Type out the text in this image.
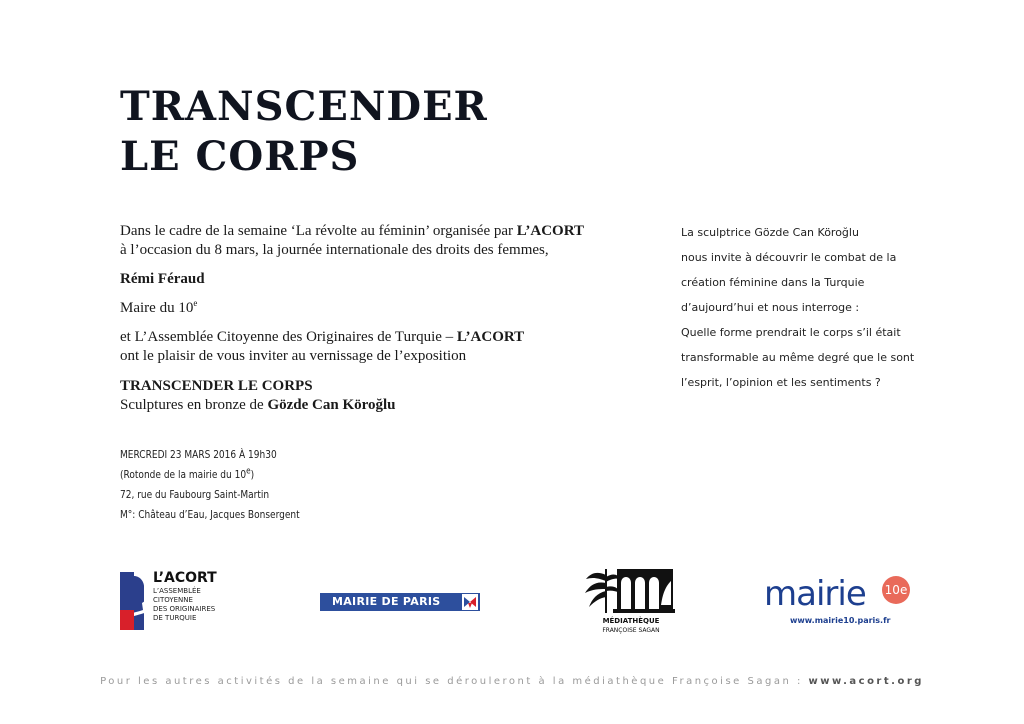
TRANSCENDER
LE CORPS

Dans le cadre de la semaine ‘La révolte au féminin’ organisée par L’ACORT

à l’occasion du 8 mars, la journée internationale des droits des femmes,

Rémi Féraud

Maire du 10e

et L’Assemblée Citoyenne des Originaires de Turquie – L’ACORT

ont le plaisir de vous inviter au vernissage de l’exposition

TRANSCENDER LE CORPS

Sculptures en bronze de Gözde Can Köroğlu

MERCREDI 23 MARS 2016 À 19h30

(Rotonde de la mairie du 10e)

72, rue du Faubourg Saint-Martin

M°: Château d’Eau, Jacques Bonsergent

La sculptrice Gözde Can Köroğlu

nous invite à découvrir le combat de la

création féminine dans la Turquie

d’aujourd’hui et nous interroge :

Quelle forme prendrait le corps s’il était

transformable au même degré que le sont

l’esprit, l’opinion et les sentiments ?

L’ACORT

L’ASSEMBLÉE

CITOYENNE

DES ORIGINAIRES

DE TURQUIE

MAIRIE DE PARIS
MÉDIATHÈQUE
FRANÇOISE SAGAN
mairie 10e
www.mairie10.paris.fr
Pour les autres activités de la semaine qui se dérouleront à la médiathèque Françoise Sagan : www.acort.org
